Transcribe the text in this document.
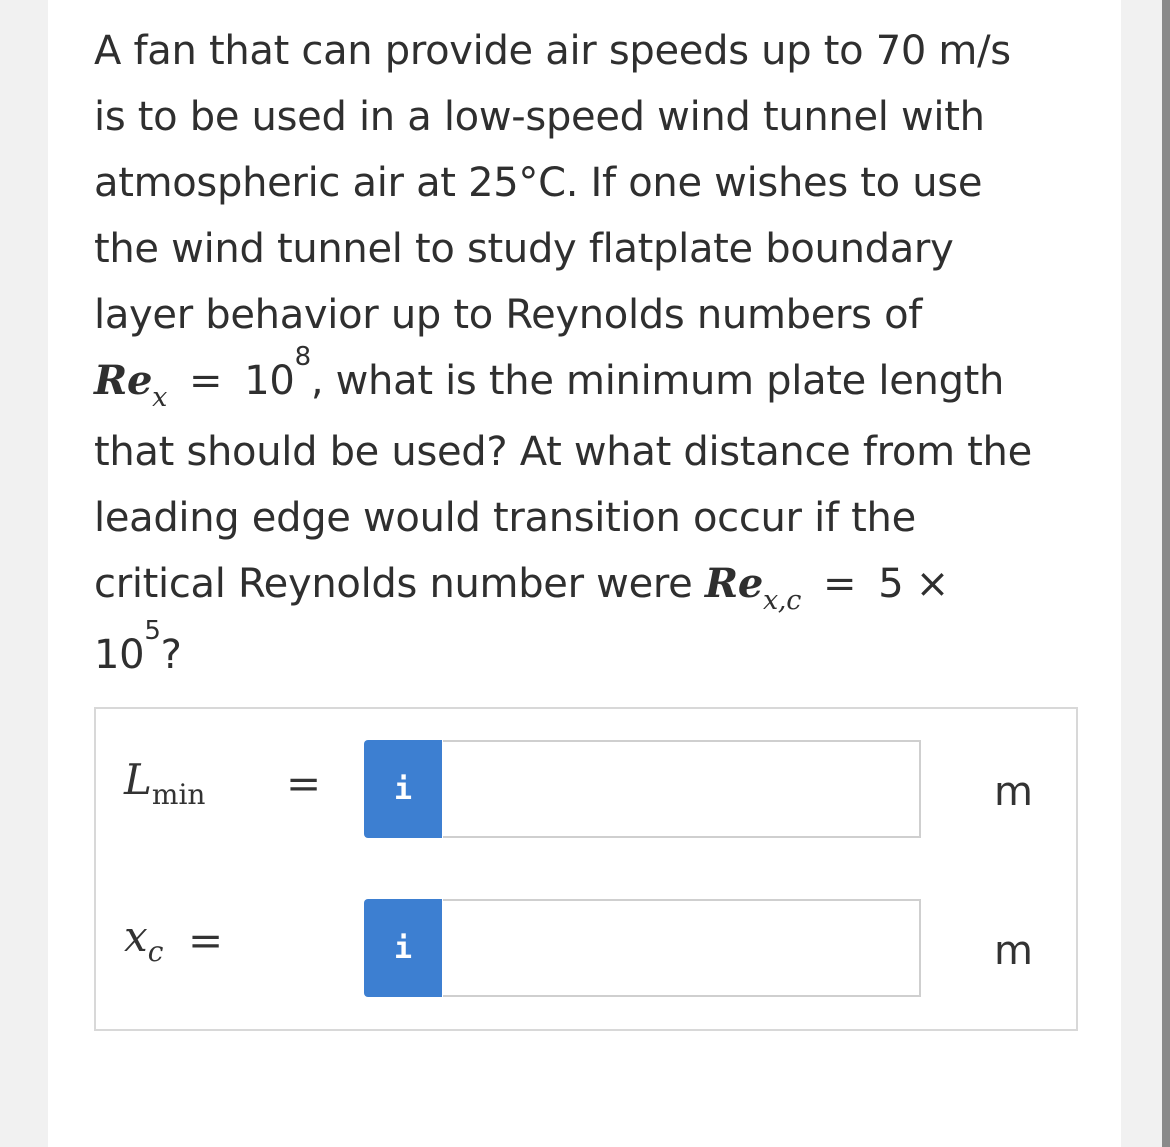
A fan that can provide air speeds up to 70 m/s
is to be used in a low-speed wind tunnel with
atmospheric air at 25°C. If one wishes to use
the wind tunnel to study flatplate boundary
layer behavior up to Reynolds numbers of
$Re_x = 10^8$, what is the minimum plate length
that should be used? At what distance from the
leading edge would transition occur if the
critical Reynolds number were $Re_{x,c} = 5$ ×
$10^5$?
$L_{min}$ =	i	m
$x_c$ =	i	m
